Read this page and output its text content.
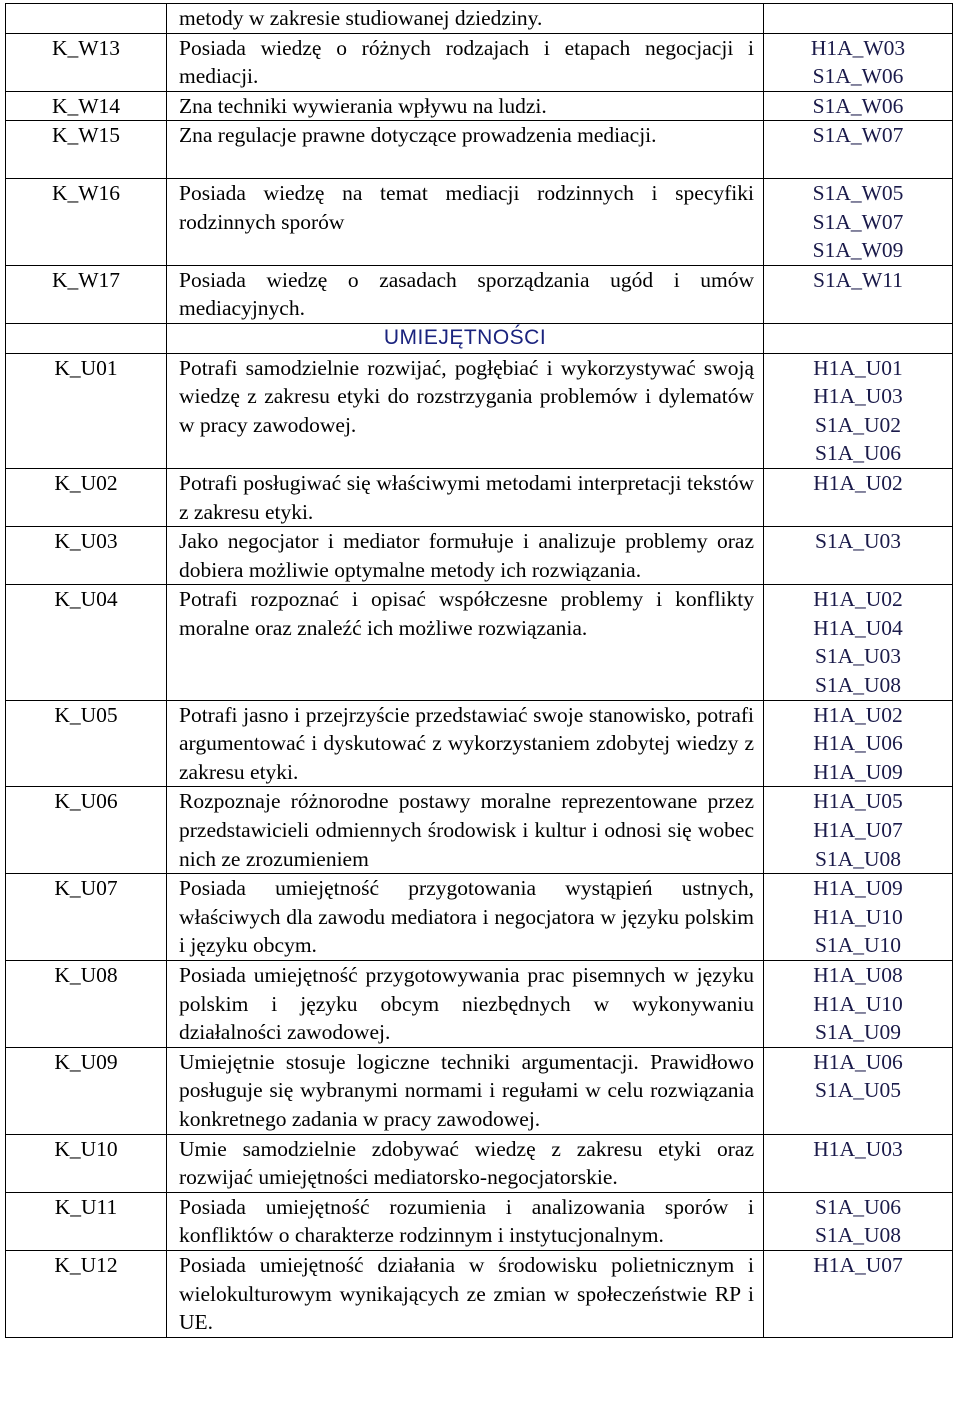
	metody w zakresie studiowanej dziedziny.	

K_W13	Posiada wiedzę o różnych rodzajach i etapach negocjacji i mediacji.	H1A_W03
S1A_W06

K_W14	Zna techniki wywierania wpływu na ludzi.	S1A_W06

K_W15	Zna regulacje prawne dotyczące prowadzenia mediacji.	S1A_W07

K_W16	Posiada wiedzę na temat mediacji rodzinnych i specyfiki rodzinnych sporów	S1A_W05
S1A_W07
S1A_W09

K_W17	Posiada wiedzę o zasadach sporządzania ugód i umów mediacyjnych.	S1A_W11

	UMIEJĘTNOŚCI	
K_U01	Potrafi samodzielnie rozwijać, pogłębiać i wykorzystywać swoją wiedzę z zakresu etyki do rozstrzygania problemów i dylematów w pracy zawodowej.	H1A_U01
H1A_U03
S1A_U02
S1A_U06

K_U02	Potrafi posługiwać się właściwymi metodami interpretacji tekstów z zakresu etyki.	H1A_U02

K_U03	Jako negocjator i mediator formułuje i analizuje problemy oraz dobiera możliwie optymalne metody ich rozwiązania.	S1A_U03

K_U04	Potrafi rozpoznać i opisać współczesne problemy i konflikty moralne oraz znaleźć ich możliwe rozwiązania.	H1A_U02
H1A_U04
S1A_U03
S1A_U08

K_U05	Potrafi jasno i przejrzyście przedstawiać swoje stanowisko, potrafi argumentować i dyskutować z wykorzystaniem zdobytej wiedzy z zakresu etyki.	H1A_U02
H1A_U06
H1A_U09

K_U06	Rozpoznaje różnorodne postawy moralne reprezentowane przez przedstawicieli odmiennych środowisk i kultur i odnosi się wobec nich ze zrozumieniem	H1A_U05
H1A_U07
S1A_U08

K_U07	Posiada umiejętność przygotowania wystąpień ustnych, właściwych dla zawodu mediatora i negocjatora w języku polskim i języku obcym.	H1A_U09
H1A_U10
S1A_U10

K_U08	Posiada umiejętność przygotowywania prac pisemnych w języku polskim i języku obcym niezbędnych w wykonywaniu działalności zawodowej.	H1A_U08
H1A_U10
S1A_U09

K_U09	Umiejętnie stosuje logiczne techniki argumentacji. Prawidłowo posługuje się wybranymi normami i regułami w celu rozwiązania konkretnego zadania w pracy zawodowej.	H1A_U06
S1A_U05

K_U10	Umie samodzielnie zdobywać wiedzę z zakresu etyki oraz rozwijać umiejętności mediatorsko-negocjatorskie.	H1A_U03

K_U11	Posiada umiejętność rozumienia i analizowania sporów i konfliktów o charakterze rodzinnym i instytucjonalnym.	S1A_U06
S1A_U08

K_U12	Posiada umiejętność działania w środowisku polietnicznym i wielokulturowym wynikających ze zmian w społeczeństwie RP i UE.	H1A_U07
